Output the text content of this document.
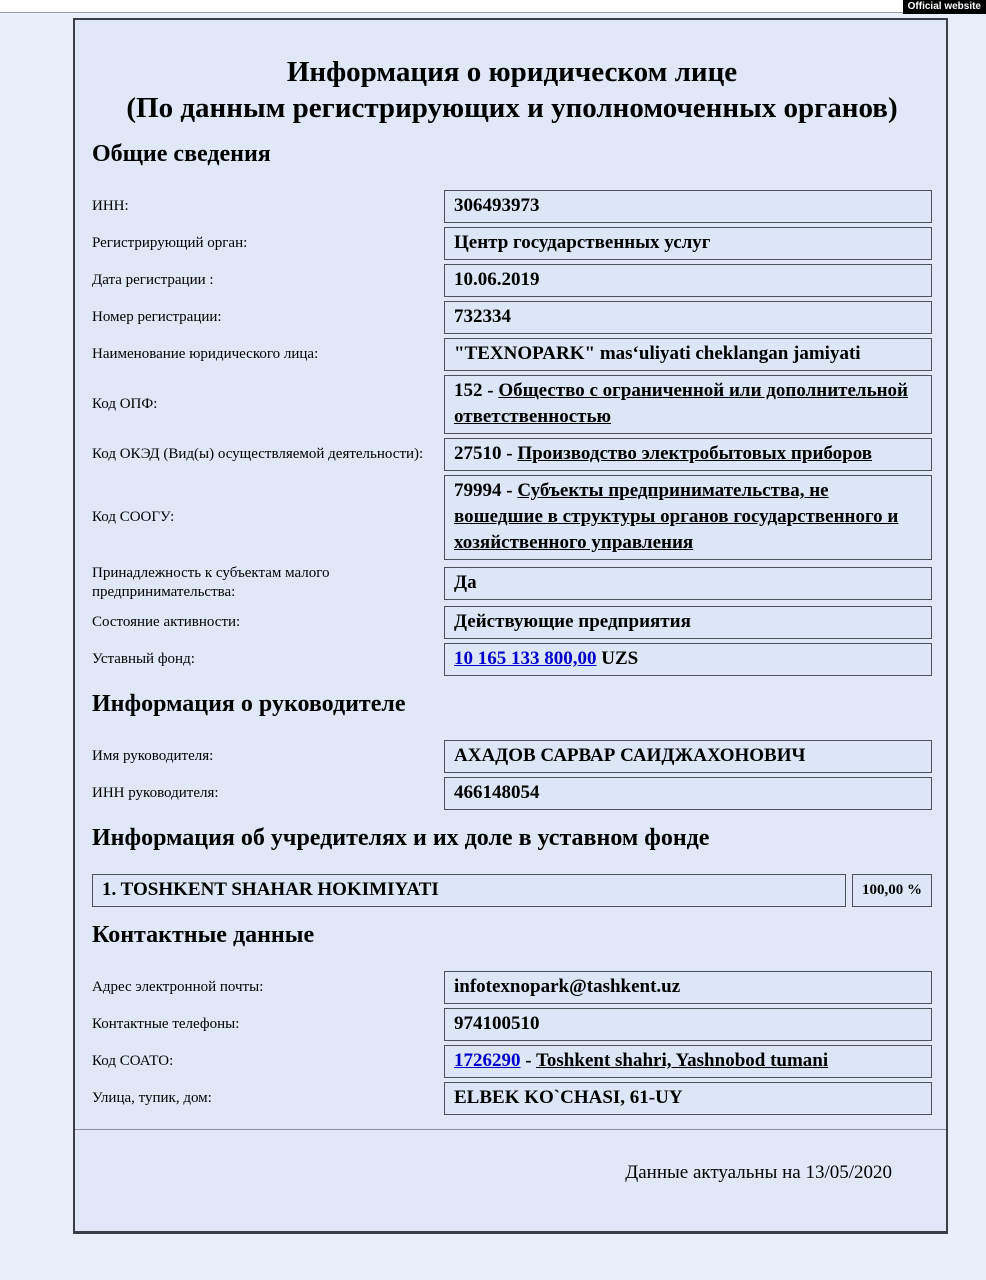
Official website
Информация о юридическом лице
(По данным регистрирующих и уполномоченных органов)
Общие сведения
ИНН:	306493973
Регистрирующий орган:	Центр государственных услуг
Дата регистрации :	10.06.2019
Номер регистрации:	732334
Наименование юридического лица:	"TEXNOPARK" mas‘uliyati cheklangan jamiyati
Код ОПФ:
152 - Общество с ограниченной или дополнительной ответственностью
Код ОКЭД (Вид(ы) осуществляемой деятельности):	27510 - Производство электробытовых приборов
Код СООГУ:
79994 - Субъекты предпринимательства, не вошедшие в структуры органов государственного и хозяйственного управления
Принадлежность к субъектам малого предпринимательства:	Да
Состояние активности:	Действующие предприятия
Уставный фонд:	10 165 133 800,00 UZS
Информация о руководителе
Имя руководителя:	АХАДОВ САРВАР САИДЖАХОНОВИЧ
ИНН руководителя:	466148054
Информация об учредителях и их доле в уставном фонде
1. TOSHKENT SHAHAR HOKIMIYATI	100,00 %
Контактные данные
Адрес электронной почты:	infotexnopark@tashkent.uz
Контактные телефоны:	974100510
Код СОАТО:	1726290 - Toshkent shahri, Yashnobod tumani
Улица, тупик, дом:	ELBEK KO`CHASI, 61-UY
Данные актуальны на 13/05/2020
